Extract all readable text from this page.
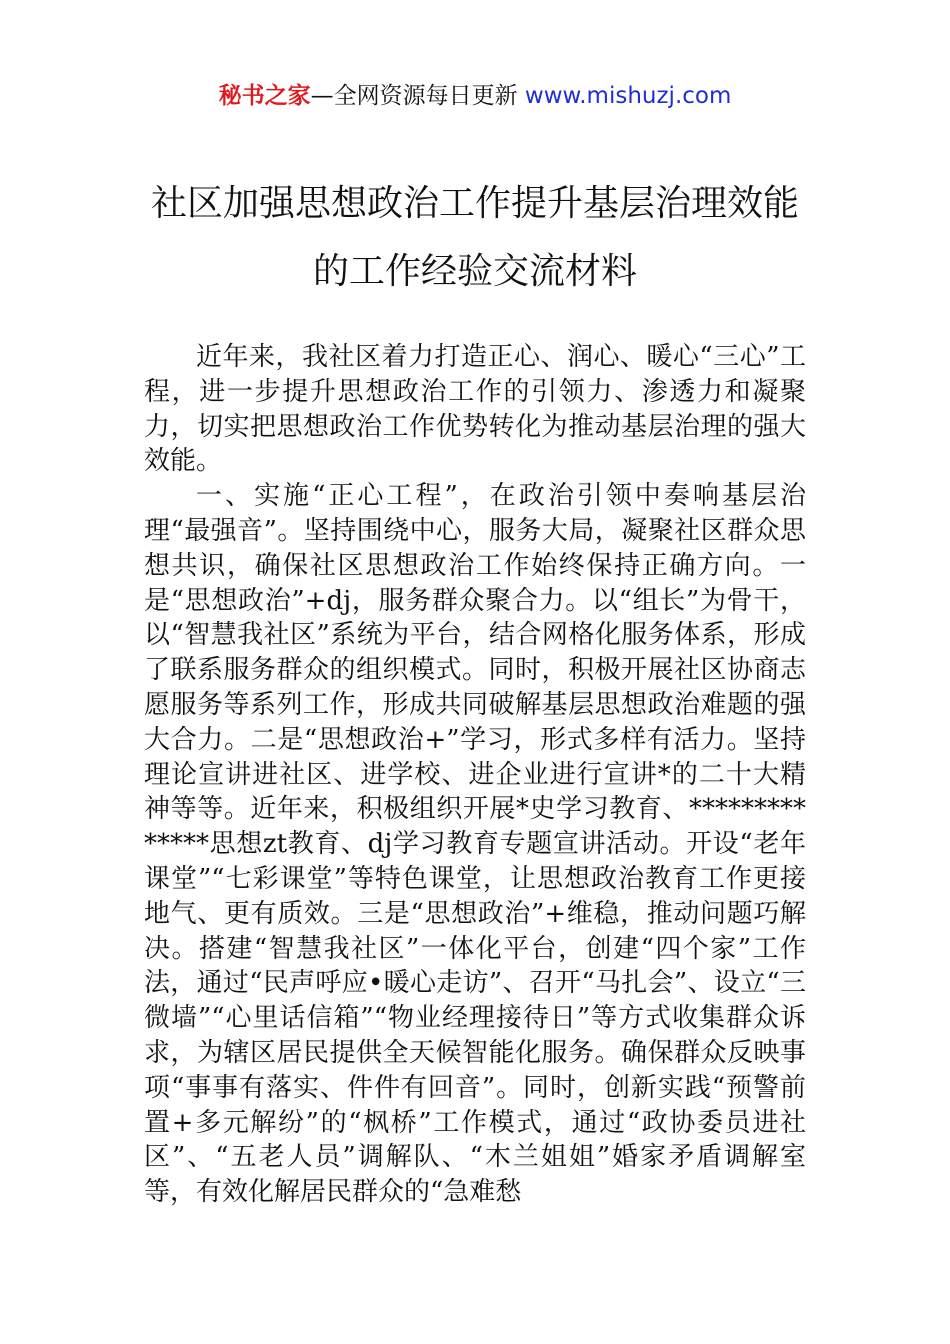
秘书之家—全网资源每日更新 www.mishuzj.com
社区加强思想政治工作提升基层治理效能
的工作经验交流材料

近年来，我社区着力打造正心、润心、暖心“三心”工程，进一步提升思想政治工作的引领力、渗透力和凝聚力，切实把思想政治工作优势转化为推动基层治理的强大效能。

一、实施“正心工程”，在政治引领中奏响基层治理“最强音”。坚持围绕中心，服务大局，凝聚社区群众思想共识，确保社区思想政治工作始终保持正确方向。一是“思想政治”+dj，服务群众聚合力。以“组长”为骨干，以“智慧我社区”系统为平台，结合网格化服务体系，形成了联系服务群众的组织模式。同时，积极开展社区协商志愿服务等系列工作，形成共同破解基层思想政治难题的强大合力。二是“思想政治+”学习，形式多样有活力。坚持理论宣讲进社区、进学校、进企业进行宣讲*的二十大精神等等。近年来，积极组织开展*史学习教育、**************思想zt教育、dj学习教育专题宣讲活动。开设“老年课堂”“七彩课堂”等特色课堂，让思想政治教育工作更接地气、更有质效。三是“思想政治”+维稳，推动问题巧解决。搭建“智慧我社区”一体化平台，创建“四个家”工作法，通过“民声呼应•暖心走访”、召开“马扎会”、设立“三微墙”“心里话信箱”“物业经理接待日”等方式收集群众诉求，为辖区居民提供全天候智能化服务。确保群众反映事项“事事有落实、件件有回音”。同时，创新实践“预警前置+多元解纷”的“枫桥”工作模式，通过“政协委员进社区”、“五老人员”调解队、“木兰姐姐”婚家矛盾调解室等，有效化解居民群众的“急难愁
